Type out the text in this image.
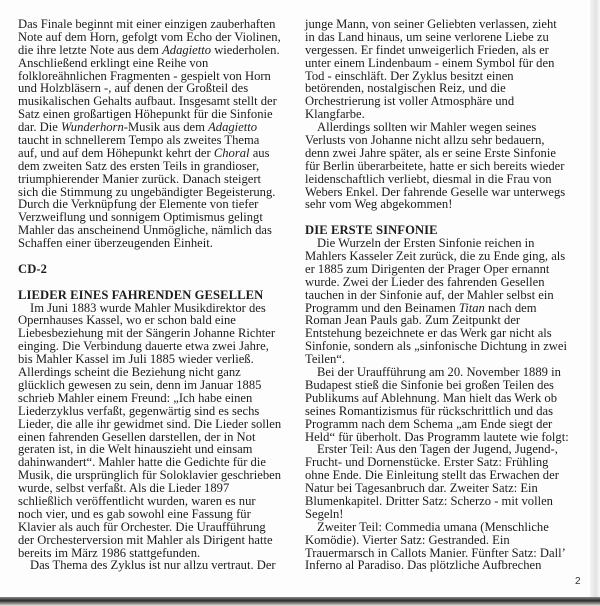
Das Finale beginnt mit einer einzigen zauberhaften
Note auf dem Horn, gefolgt vom Echo der Violinen,
die ihre letzte Note aus dem Adagietto wiederholen.
Anschließend erklingt eine Reihe von
folkloreähnlichen Fragmenten - gespielt von Horn
und Holzbläsern -, auf denen der Großteil des
musikalischen Gehalts aufbaut. Insgesamt stellt der
Satz einen großartigen Höhepunkt für die Sinfonie
dar. Die Wunderhorn-Musik aus dem Adagietto
taucht in schnellerem Tempo als zweites Thema
auf, und auf dem Höhepunkt kehrt der Choral aus
dem zweiten Satz des ersten Teils in grandioser,
triumphierender Manier zurück. Danach steigert
sich die Stimmung zu ungebändigter Begeisterung.
Durch die Verknüpfung der Elemente von tiefer
Verzweiflung und sonnigem Optimismus gelingt
Mahler das anscheinend Unmögliche, nämlich das
Schaffen einer überzeugenden Einheit.
CD-2
LIEDER EINES FAHRENDEN GESELLEN
Im Juni 1883 wurde Mahler Musikdirektor des
Opernhauses Kassel, wo er schon bald eine
Liebesbeziehung mit der Sängerin Johanne Richter
einging. Die Verbindung dauerte etwa zwei Jahre,
bis Mahler Kassel im Juli 1885 wieder verließ.
Allerdings scheint die Beziehung nicht ganz
glücklich gewesen zu sein, denn im Januar 1885
schrieb Mahler einem Freund: „Ich habe einen
Liederzyklus verfaßt, gegenwärtig sind es sechs
Lieder, die alle ihr gewidmet sind. Die Lieder sollen
einen fahrenden Gesellen darstellen, der in Not
geraten ist, in die Welt hinauszieht und einsam
dahinwandert“. Mahler hatte die Gedichte für die
Musik, die ursprünglich für Soloklavier geschrieben
wurde, selbst verfaßt. Als die Lieder 1897
schließlich veröffentlicht wurden, waren es nur
noch vier, und es gab sowohl eine Fassung für
Klavier als auch für Orchester. Die Uraufführung
der Orchesterversion mit Mahler als Dirigent hatte
bereits im März 1986 stattgefunden.
Das Thema des Zyklus ist nur allzu vertraut. Der
junge Mann, von seiner Geliebten verlassen, zieht
in das Land hinaus, um seine verlorene Liebe zu
vergessen. Er findet unweigerlich Frieden, als er
unter einem Lindenbaum - einem Symbol für den
Tod - einschläft. Der Zyklus besitzt einen
betörenden, nostalgischen Reiz, und die
Orchestrierung ist voller Atmosphäre und
Klangfarbe.
Allerdings sollten wir Mahler wegen seines
Verlusts von Johanne nicht allzu sehr bedauern,
denn zwei Jahre später, als er seine Erste Sinfonie
für Berlin überarbeitete, hatte er sich bereits wieder
leidenschaftlich verliebt, diesmal in die Frau von
Webers Enkel. Der fahrende Geselle war unterwegs
sehr vom Weg abgekommen!
DIE ERSTE SINFONIE
Die Wurzeln der Ersten Sinfonie reichen in
Mahlers Kasseler Zeit zurück, die zu Ende ging, als
er 1885 zum Dirigenten der Prager Oper ernannt
wurde. Zwei der Lieder des fahrenden Gesellen
tauchen in der Sinfonie auf, der Mahler selbst ein
Programm und den Beinamen Titan nach dem
Roman Jean Pauls gab. Zum Zeitpunkt der
Entstehung bezeichnete er das Werk gar nicht als
Sinfonie, sondern als „sinfonische Dichtung in zwei
Teilen“.
Bei der Uraufführung am 20. November 1889 in
Budapest stieß die Sinfonie bei großen Teilen des
Publikums auf Ablehnung. Man hielt das Werk ob
seines Romantizismus für rückschrittlich und das
Programm nach dem Schema „am Ende siegt der
Held“ für überholt. Das Programm lautete wie folgt:
Erster Teil: Aus den Tagen der Jugend, Jugend-,
Frucht- und Dornenstücke. Erster Satz: Frühling
ohne Ende. Die Einleitung stellt das Erwachen der
Natur bei Tagesanbruch dar. Zweiter Satz: Ein
Blumenkapitel. Dritter Satz: Scherzo - mit vollen
Segeln!
Zweiter Teil: Commedia umana (Menschliche
Komödie). Vierter Satz: Gestranded. Ein
Trauermarsch in Callots Manier. Fünfter Satz: Dall’
Inferno al Paradiso. Das plötzliche Aufbrechen
2
